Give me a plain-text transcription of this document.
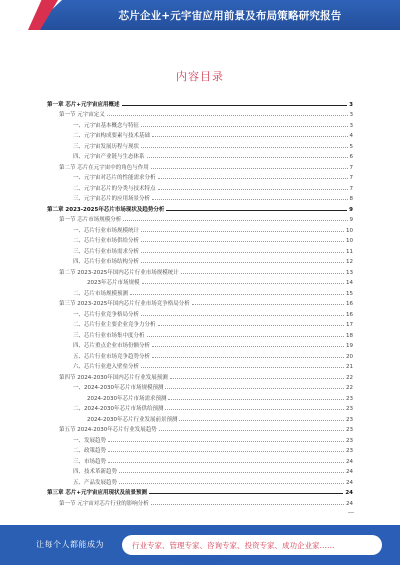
芯片企业+元宇宙应用前景及布局策略研究报告
内容目录
第一章 芯片+元宇宙应用概述	3
第一节 元宇宙定义	3
一、元宇宙基本概念与特征	3
二、元宇宙构成要素与技术基础	4
三、元宇宙发展历程与现状	5
四、元宇宙产业链与生态体系	6
第二节 芯片在元宇宙中的角色与作用	7
一、元宇宙对芯片的性能需求分析	7
二、元宇宙芯片的分类与技术特点	7
三、元宇宙芯片的应用场景分析	8
第二章 2023-2025年芯片市场现状及趋势分析	9
第一节 芯片市场规模分析	9
一、芯片行业市场规模统计	10
二、芯片行业市场供给分析	10
三、芯片行业市场需求分析	11
四、芯片行业市场结构分析	12
第二节 2023-2025年国内芯片行业市场规模统计	13
2023年芯片市场规模	14
二、芯片市场规模预测	15
第三节 2023-2025年国内芯片行业市场竞争格局分析	16
一、芯片行业竞争格局分析	16
二、芯片行业主要企业竞争力分析	17
三、芯片行业市场集中度分析	18
四、芯片重点企业市场份额分析	19
五、芯片行业市场竞争趋势分析	20
六、芯片行业进入壁垒分析	21
第四节 2024-2030年国内芯片行业发展预测	22
一、2024-2030年芯片市场规模预测	22
2024-2030年芯片市场需求预测	23
二、2024-2030年芯片市场供给预测	23
2024-2030年芯片行业发展前景预测	23
第五节 2024-2030年芯片行业发展趋势	23
一、发展趋势	23
二、政策趋势	23
三、市场趋势	24
四、技术革新趋势	24
五、产品发展趋势	24
第三章 芯片+元宇宙应用现状及前景预测	24
第一节 元宇宙对芯片行业的影响分析	24
让每个人都能成为	行业专家、管理专家、咨询专家、投资专家、成功企业家……
